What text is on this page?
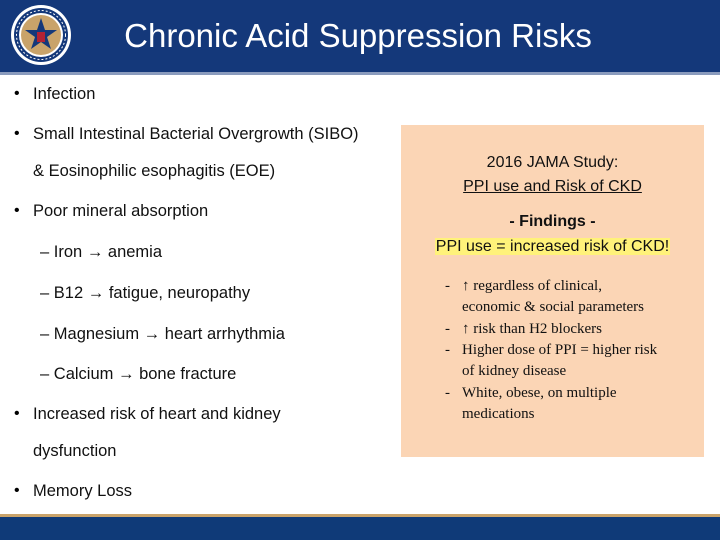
Chronic Acid Suppression Risks
• Infection
• Small Intestinal Bacterial Overgrowth (SIBO)
& Eosinophilic esophagitis (EOE)
• Poor mineral absorption
– Iron → anemia
– B12 → fatigue, neuropathy
– Magnesium → heart arrhythmia
– Calcium → bone fracture
• Increased risk of heart and kidney
dysfunction
• Memory Loss
2016 JAMA Study:
PPI use and Risk of CKD
- Findings -
PPI use = increased risk of CKD!
- ↑ regardless of clinical,
economic & social parameters
- ↑ risk than H2 blockers
- Higher dose of PPI = higher risk
of kidney disease
- White, obese, on multiple
medications
